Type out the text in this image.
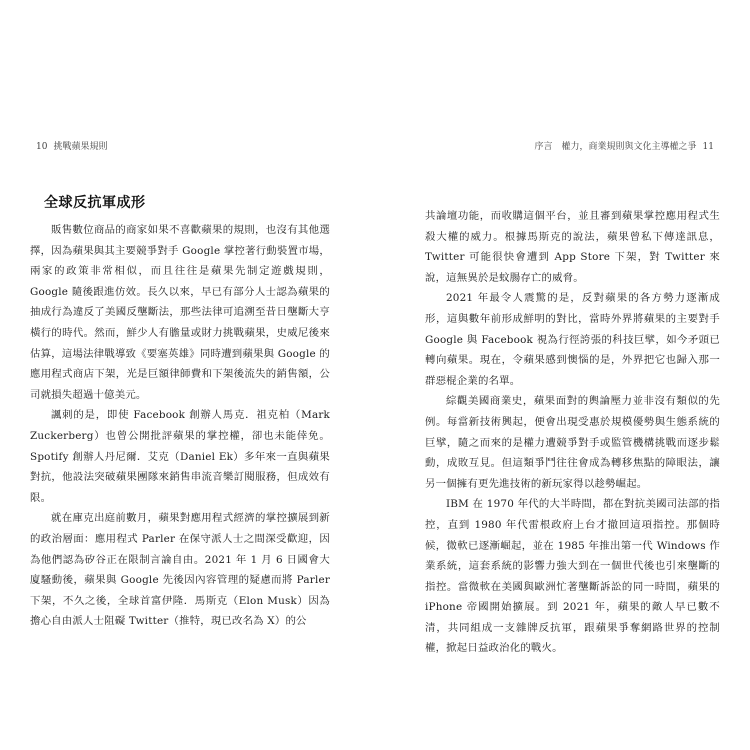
10 挑戰蘋果規則
全球反抗軍成形

販售數位商品的商家如果不喜歡蘋果的規則，也沒有其他選擇，因為蘋果與其主要競爭對手 Google 掌控著行動裝置市場，兩家的政策非常相似，而且往往是蘋果先制定遊戲規則，Google 隨後跟進仿效。長久以來，早已有部分人士認為蘋果的抽成行為違反了美國反壟斷法，那些法律可追溯至昔日壟斷大亨橫行的時代。然而，鮮少人有膽量或財力挑戰蘋果，史威尼後來估算，這場法律戰導致《要塞英雄》同時遭到蘋果與 Google 的應用程式商店下架，光是巨額律師費和下架後流失的銷售額，公司就損失超過十億美元。

諷刺的是，即使 Facebook 創辦人馬克．祖克柏（Mark Zuckerberg）也曾公開批評蘋果的掌控權，卻也未能倖免。Spotify 創辦人丹尼爾．艾克（Daniel Ek）多年來一直與蘋果對抗，他設法突破蘋果團隊來銷售串流音樂訂閱服務，但成效有限。

就在庫克出庭前數月，蘋果對應用程式經濟的掌控擴展到新的政治層面：應用程式 Parler 在保守派人士之間深受歡迎，因為他們認為矽谷正在限制言論自由。2021 年 1 月 6 日國會大廈騷動後，蘋果與 Google 先後因內容管理的疑慮而將 Parler 下架，不久之後，全球首富伊隆．馬斯克（Elon Musk）因為擔心自由派人士阻礙 Twitter（推特，現已改名為 X）的公

序言　權力，商業規則與文化主導權之爭 11

共論壇功能，而收購這個平台，並且審到蘋果掌控應用程式生殺大權的威力。根據馬斯克的說法，蘋果曾私下傳達訊息，Twitter 可能很快會遭到 App Store 下架，對 Twitter 來說，這無異於是蚊腸存亡的威脅。

2021 年最令人震驚的是，反對蘋果的各方勢力逐漸成形，這與數年前形成鮮明的對比，當時外界將蘋果的主要對手 Google 與 Facebook 視為行徑誇張的科技巨擘，如今矛頭已轉向蘋果。現在，令蘋果感到懊惱的是，外界把它也歸入那一群惡棍企業的名單。

綜觀美國商業史，蘋果面對的輿論壓力並非沒有類似的先例。每當新技術興起，便會出現受惠於規模優勢與生態系統的巨擘，隨之而來的是權力遭競爭對手或監管機構挑戰而逐步鬆動，成敗互見。但這類爭鬥往往會成為轉移焦點的障眼法，讓另一個擁有更先進技術的新玩家得以趁勢崛起。

IBM 在 1970 年代的大半時間，都在對抗美國司法部的指控，直到 1980 年代雷根政府上台才撤回這項指控。那個時候，微軟已逐漸崛起，並在 1985 年推出第一代 Windows 作業系統，這套系統的影響力強大到在一個世代後也引來壟斷的指控。當微軟在美國與歐洲忙著壟斷訴訟的同一時間，蘋果的 iPhone 帝國開始擴展。到 2021 年，蘋果的敵人早已數不清，共同組成一支雜牌反抗軍，跟蘋果爭奪網路世界的控制權，掀起日益政治化的戰火。
